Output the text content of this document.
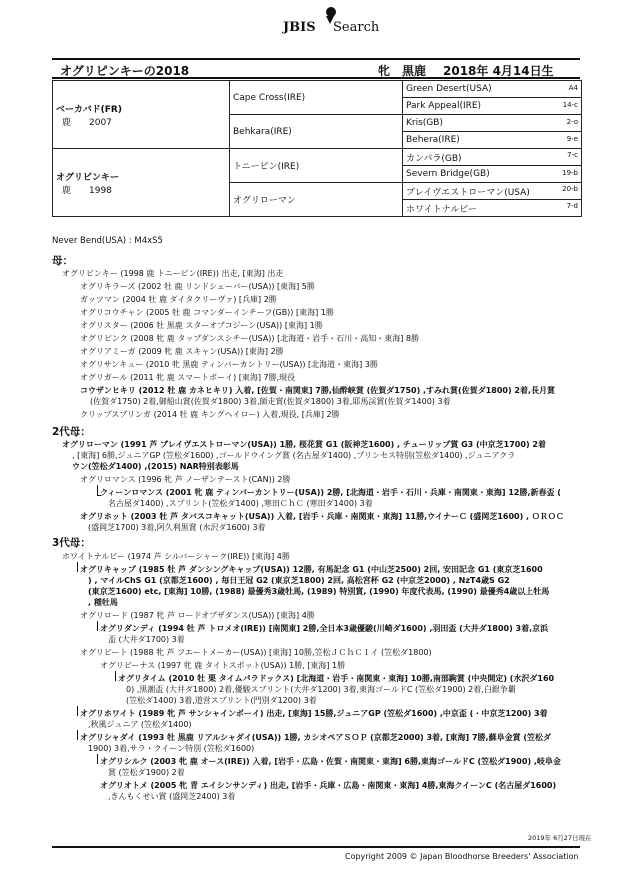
JBIS Search
オグリピンキーの2018	牝 黒鹿 2018年 4月14日生
ベーカバド(FR)
鹿　　2007	Cape Cross(IRE)	Green Desert(USA) A4

		Park Appeal(IRE) 14-c

	Behkara(IRE)	Kris(GB) 2-o

		Behera(IRE) 9-e

オグリピンキー
鹿　　1998	トニービン(IRE)	カンパラ(GB) 7-c

		Severn Bridge(GB) 19-b

	オグリローマン	ブレイヴエストローマン(USA) 20-b

		ホワイトナルビー 7-d
Never Bend(USA) : M4xS5
母：
オグリピンキー (1998 鹿 トニービン(IRE)) 出走, [東海] 出走
オグリキラーズ (2002 牡 鹿 リンドシェーバー(USA)) [東海] 5勝
ガッツマン (2004 牡 鹿 ダイタクリーヴァ) [兵庫] 2勝
オグリコウチャン (2005 牡 鹿 コマンダーインチーフ(GB)) [東海] 1勝
オグリスター (2006 牡 黒鹿 スターオブコジーン(USA)) [東海] 1勝
オグリピンク (2008 牝 鹿 タップダンスシチー(USA)) [北海道・岩手・石川・高知・東海] 8勝
オグリアミーガ (2009 牝 鹿 スキャン(USA)) [東海] 2勝
オグリサンキュー (2010 牝 黒鹿 ティンバーカントリー(USA)) [北海道・東海] 3勝
オグリガール (2011 牝 鹿 スマートボーイ) [東海] 7勝,現役
コウザンヒキリ (2012 牡 鹿 カネヒキリ) 入着, [佐賀・南関東] 7勝,仙酔峡賞 (佐賀ダ1750) ,すみれ賞(佐賀ダ1800) 2着,長月賞
(佐賀ダ1750) 2着,御船山賞(佐賀ダ1800) 3着,師走賞(佐賀ダ1800) 3着,耶馬渓賞(佐賀ダ1400) 3着
クリップスプリンガ (2014 牡 鹿 キングヘイロー) 入着,現役, [兵庫] 2勝
2代母：
オグリローマン (1991 芦 ブレイヴエストローマン(USA)) 1勝, 桜花賞 G1 (阪神芝1600) , チューリップ賞 G3 (中京芝1700) 2着
, [東海] 6勝,ジュニアGP (笠松ダ1600) ,ゴールドウイング賞 (名古屋ダ1400) ,プリンセス特別(笠松ダ1400) ,ジュニアクラ
ウン(笠松ダ1400) ,(2015) NAR特別表彰馬
オグリロマンス (1996 牝 芦 ノーザンテースト(CAN)) 2勝
クィーンロマンス (2001 牝 鹿 ティンバーカントリー(USA)) 2勝, [北海道・岩手・石川・兵庫・南関東・東海] 12勝,新春盃 (
名古屋ダ1400) ,スプリント(笠松ダ1400) ,寒田ＣｈＣ (寒田ダ1400) 3着
オグリホット (2003 牡 芦 タバスコキャット(USA)) 入着, [岩手・兵庫・南関東・東海] 11勝,ウイナーＣ (盛岡芝1600) , ＯＲＯＣ
(盛岡芝1700) 3着,阿久利黒賞 (水沢ダ1600) 3着
3代母：
ホワイトナルビー (1974 芦 シルバーシャーク(IRE)) [東海] 4勝
オグリキャップ (1985 牡 芦 ダンシングキャップ(USA)) 12勝, 有馬記念 G1 (中山芝2500) 2回, 安田記念 G1 (東京芝1600
) , マイルChS G1 (京都芝1600) , 毎日王冠 G2 (東京芝1800) 2回, 高松宮杯 G2 (中京芝2000) , NzT4歳S G2
(東京芝1600) etc, [東海] 10勝, (1988) 最優秀3歳牡馬, (1989) 特別賞, (1990) 年度代表馬, (1990) 最優秀4歳以上牡馬
, 種牡馬
オグリロード (1987 牝 芦 ロードオブザダンス(USA)) [東海] 4勝
オグリダンディ (1994 牡 芦 トロメオ(IRE)) [南関東] 2勝,全日本3歳優駿(川崎ダ1600) ,羽田盃 (大井ダ1800) 3着,京浜
盃 (大井ダ1700) 3着
オグリビート (1988 牝 芦 フエートメーカー(USA)) [東海] 10勝,笠松ＪＣｈＣ１イ (笠松ダ1800)
オグリビーナス (1997 牝 鹿 タイトスポット(USA)) 1勝, [東海] 1勝
オグリタイム (2010 牡 栗 タイムパラドックス) [北海道・岩手・南関東・東海] 10勝,南部駒賞 (中央開定) (水沢ダ160
0) ,黒潮盃 (大井ダ1800) 2着,優駿スプリント(大井ダ1200) 3着,東海ゴールドC (笠松ダ1900) 2着,白銀争覇
(笠松ダ1400) 3着,道営スプリント(門別ダ1200) 3着
オグリホワイト (1989 牝 芦 サンシャインボーイ) 出走, [東海] 15勝,ジュニアGP (笠松ダ1600) ,中京盃 (・中京芝1200) 3着
,秋風ジュニア (笠松ダ1400)
オグリシャダイ (1993 牡 黒鹿 リアルシャダイ(USA)) 1勝, カシオペアＳＯＰ (京都芝2000) 3着, [東海] 7勝,蘇阜金賞 (笠松ダ
1900) 3着,サラ・クイーン特別 (笠松ダ1600)
オグリシルク (2003 牝 鹿 オース(IRE)) 入着, [岩手・広島・佐賀・南関東・東海] 6勝,東海ゴールドC (笠松ダ1900) ,岐阜金
賞 (笠松ダ1900) 2着
オグリオトメ (2005 牝 青 エイシンサンディ) 出走, [岩手・兵庫・広島・南関東・東海] 4勝,東海クイーンC (名古屋ダ1600)
,きんもくせい賞 (盛岡芝2400) 3着
2019年 6月27日現在
Copyright 2009 © Japan Bloodhorse Breeders' Association
